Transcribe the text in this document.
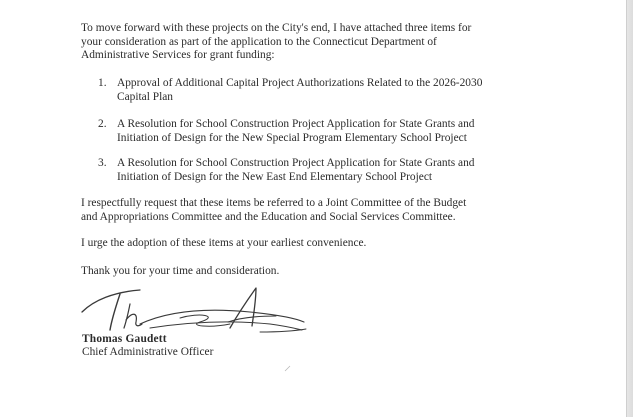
To move forward with these projects on the City's end, I have attached three items for
your consideration as part of the application to the Connecticut Department of
Administrative Services for grant funding:

1. Approval of Additional Capital Project Authorizations Related to the 2026-2030
Capital Plan
2. A Resolution for School Construction Project Application for State Grants and
Initiation of Design for the New Special Program Elementary School Project
3. A Resolution for School Construction Project Application for State Grants and
Initiation of Design for the New East End Elementary School Project

I respectfully request that these items be referred to a Joint Committee of the Budget
and Appropriations Committee and the Education and Social Services Committee.

I urge the adoption of these items at your earliest convenience.

Thank you for your time and consideration.

Thomas Gaudett
Chief Administrative Officer
